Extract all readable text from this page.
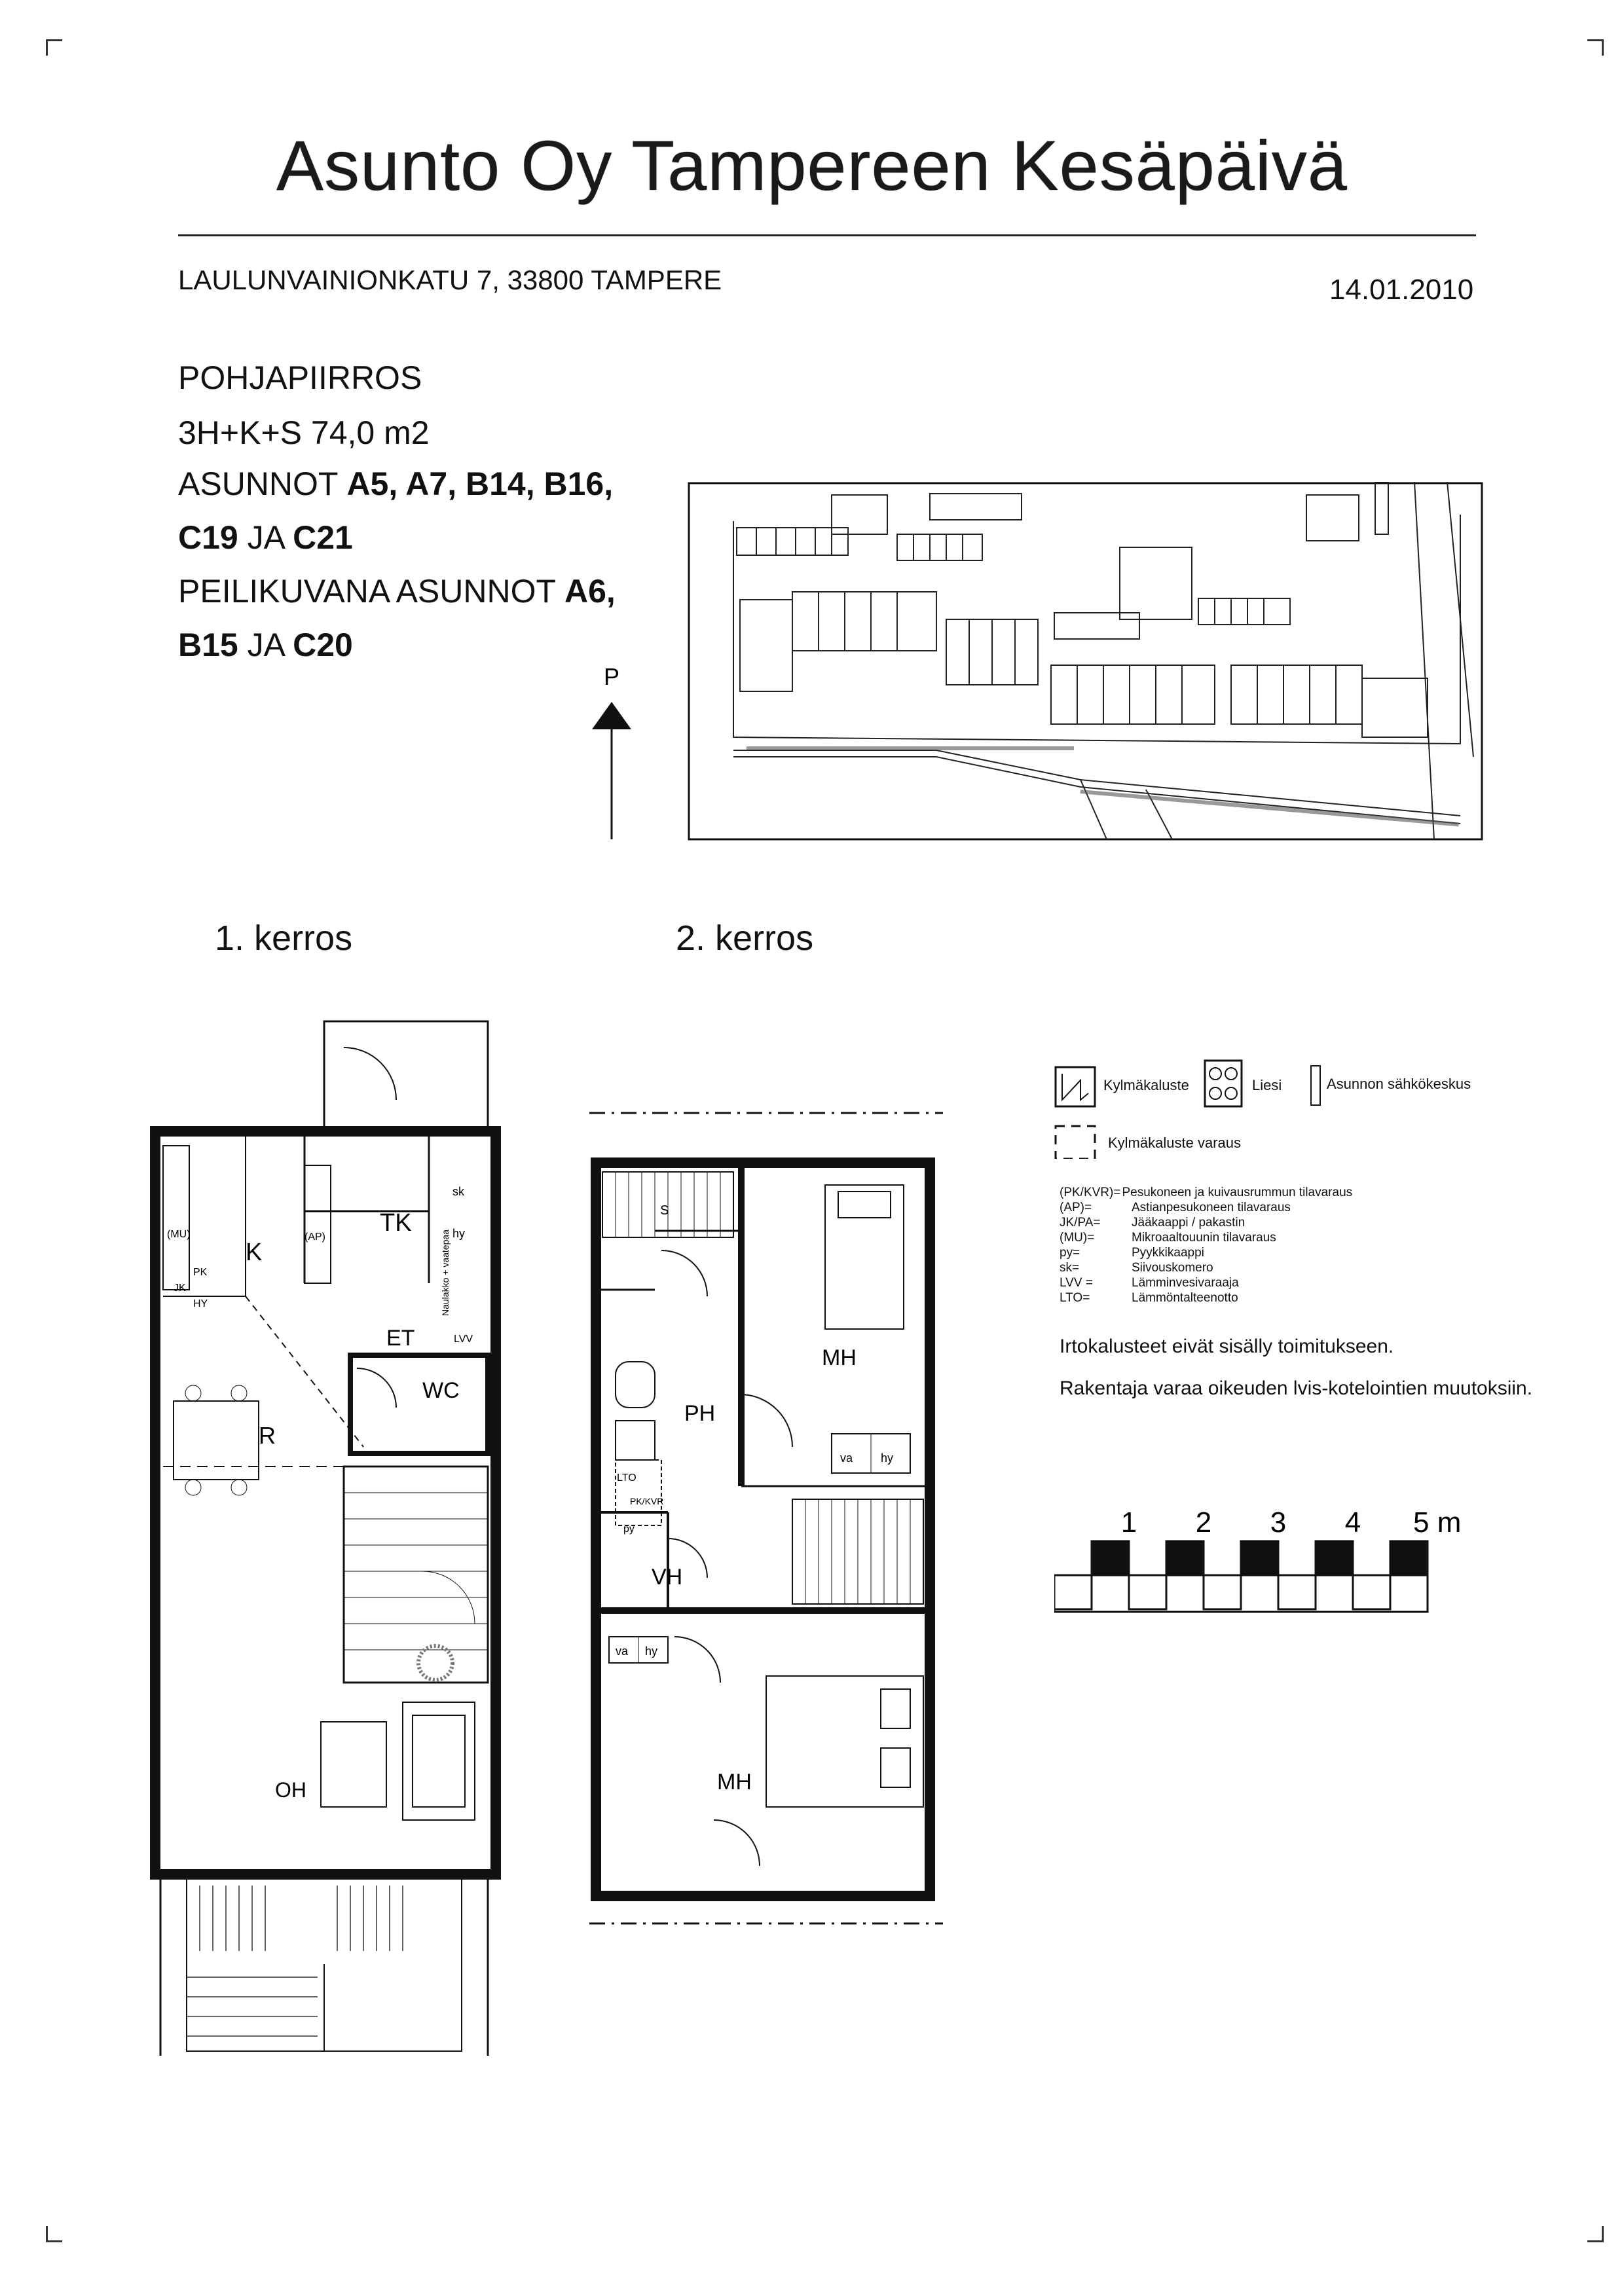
Asunto Oy Tampereen Kesäpäivä
LAULUNVAINIONKATU 7, 33800 TAMPERE	14.01.2010
POHJAPIIRROS
3H+K+S 74,0 m2
ASUNNOT A5, A7, B14, B16,
C19 JA C21
PEILIKUVANA ASUNNOT A6,
B15 JA C20
P
1. kerros	2. kerros
K
TK
R
ET
WC
OH
sk
hy
LVV
(MU)	(AP)
PK
JK
HY	Naulakko + vaatepaa
MH
PH
MH
VH
va hy
va hy
LTO
PK/KVR
py
S
Kylmäkaluste	Liesi	Asunnon sähkökeskus
Kylmäkaluste varaus
(PK/KVR)= Pesukoneen ja kuivausrummun tilavaraus
(AP)=	Astianpesukoneen tilavaraus
JK/PA=	Jääkaappi / pakastin
(MU)=	Mikroaaltouunin tilavaraus
py=	Pyykkikaappi
sk=	Siivouskomero
LVV =	Lämminvesivaraaja
LTO=	Lämmöntalteenotto
Irtokalusteet eivät sisälly toimitukseen.
Rakentaja varaa oikeuden lvis-kotelointien muutoksiin.
1 2 3 4 5 m
